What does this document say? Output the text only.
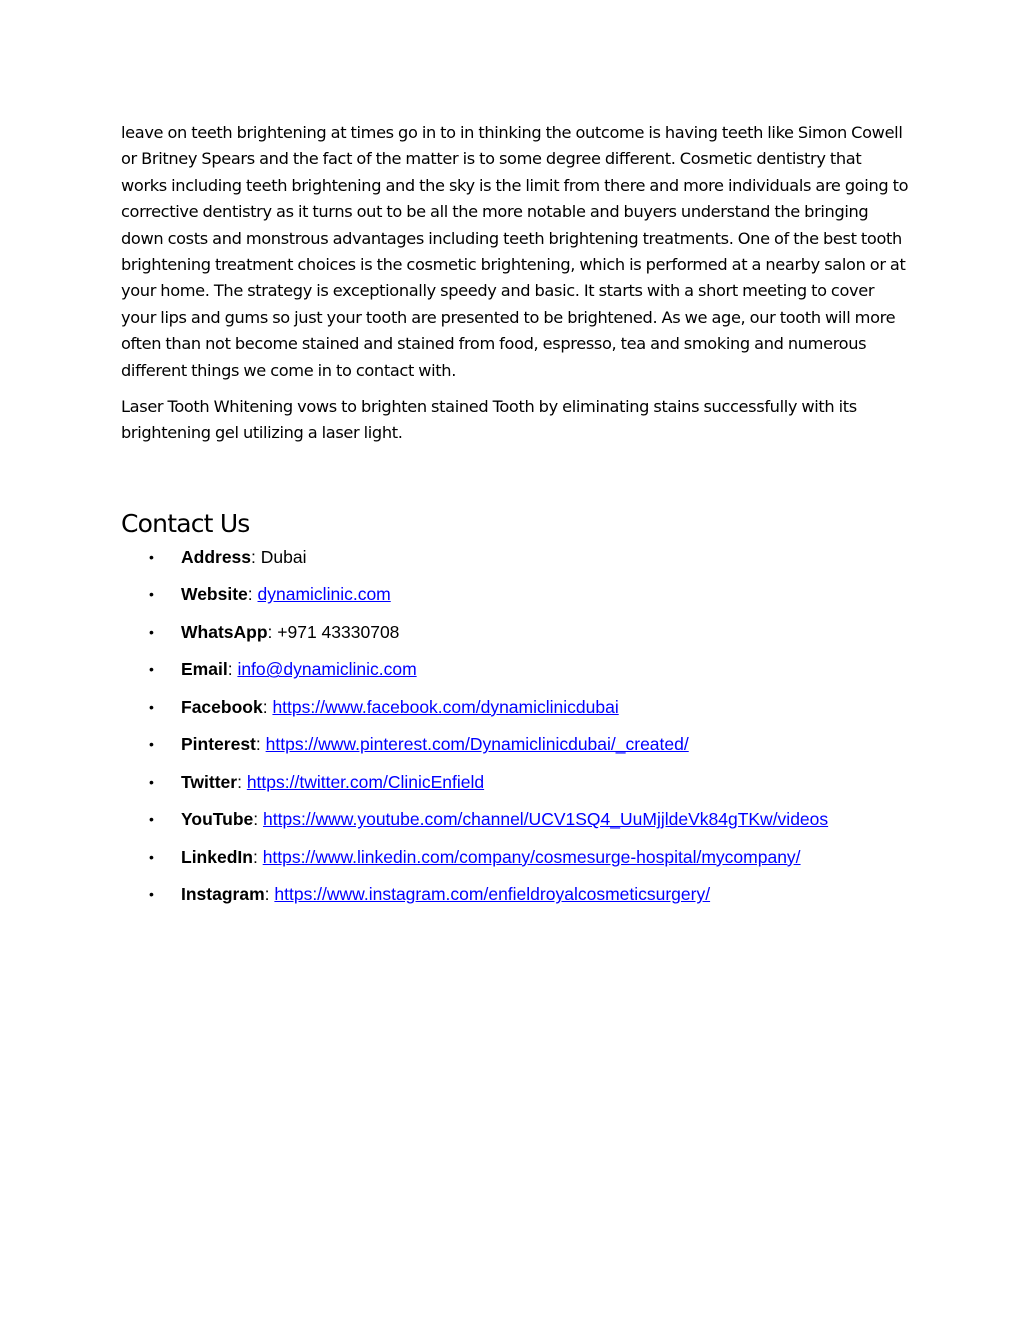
leave on teeth brightening at times go in to in thinking the outcome is having teeth like Simon Cowell or Britney Spears and the fact of the matter is to some degree different. Cosmetic dentistry that works including teeth brightening and the sky is the limit from there and more individuals are going to corrective dentistry as it turns out to be all the more notable and buyers understand the bringing down costs and monstrous advantages including teeth brightening treatments. One of the best tooth brightening treatment choices is the cosmetic brightening, which is performed at a nearby salon or at your home. The strategy is exceptionally speedy and basic. It starts with a short meeting to cover your lips and gums so just your tooth are presented to be brightened. As we age, our tooth will more often than not become stained and stained from food, espresso, tea and smoking and numerous different things we come in to contact with.

Laser Tooth Whitening vows to brighten stained Tooth by eliminating stains successfully with its brightening gel utilizing a laser light.

Contact Us
• Address: Dubai
• Website: dynamiclinic.com
• WhatsApp: +971 43330708
• Email: info@dynamiclinic.com
• Facebook: https://www.facebook.com/dynamiclinicdubai
• Pinterest: https://www.pinterest.com/Dynamiclinicdubai/_created/
• Twitter: https://twitter.com/ClinicEnfield
• YouTube: https://www.youtube.com/channel/UCV1SQ4_UuMjjldeVk84gTKw/videos
• LinkedIn: https://www.linkedin.com/company/cosmesurge-hospital/mycompany/
• Instagram: https://www.instagram.com/enfieldroyalcosmeticsurgery/
